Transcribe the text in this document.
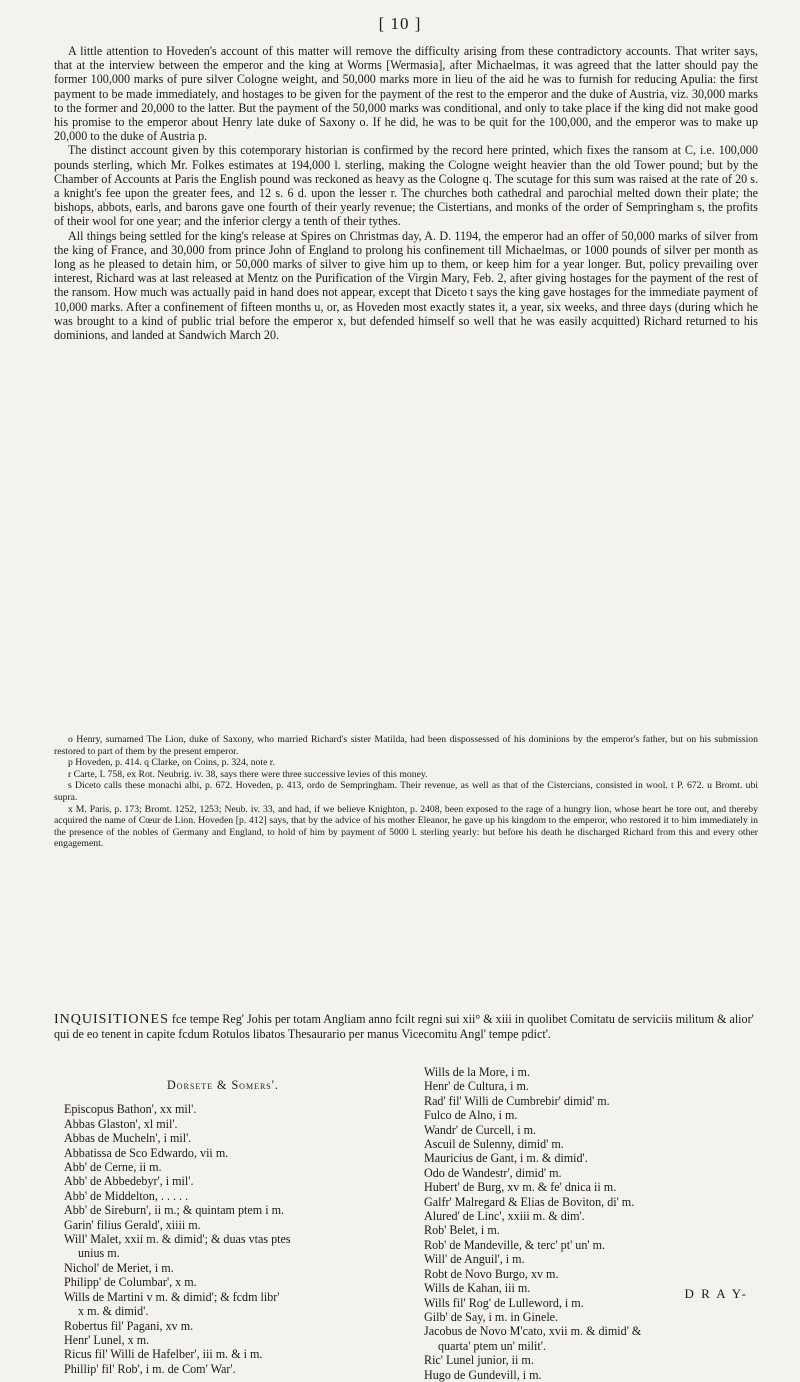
[ 10 ]

A little attention to Hoveden's account of this matter will remove the difficulty arising from these contradictory accounts. That writer says, that at the interview between the emperor and the king at Worms [Wermasia], after Michaelmas, it was agreed that the latter should pay the former 100,000 marks of pure silver Cologne weight, and 50,000 marks more in lieu of the aid he was to furnish for reducing Apulia: the first payment to be made immediately, and hostages to be given for the payment of the rest to the emperor and the duke of Austria, viz. 30,000 marks to the former and 20,000 to the latter. But the payment of the 50,000 marks was conditional, and only to take place if the king did not make good his promise to the emperor about Henry late duke of Saxony o. If he did, he was to be quit for the 100,000, and the emperor was to make up 20,000 to the duke of Austria p.

The distinct account given by this cotemporary historian is confirmed by the record here printed, which fixes the ransom at C, i.e. 100,000 pounds sterling, which Mr. Folkes estimates at 194,000 l. sterling, making the Cologne weight heavier than the old Tower pound; but by the Chamber of Accounts at Paris the English pound was reckoned as heavy as the Cologne q. The scutage for this sum was raised at the rate of 20 s. a knight's fee upon the greater fees, and 12 s. 6 d. upon the lesser r. The churches both cathedral and parochial melted down their plate; the bishops, abbots, earls, and barons gave one fourth of their yearly revenue; the Cistertians, and monks of the order of Sempringham s, the profits of their wool for one year; and the inferior clergy a tenth of their tythes.

All things being settled for the king's release at Spires on Christmas day, A. D. 1194, the emperor had an offer of 50,000 marks of silver from the king of France, and 30,000 from prince John of England to prolong his confinement till Michaelmas, or 1000 pounds of silver per month as long as he pleased to detain him, or 50,000 marks of silver to give him up to them, or keep him for a year longer. But, policy prevailing over interest, Richard was at last released at Mentz on the Purification of the Virgin Mary, Feb. 2, after giving hostages for the payment of the rest of the ransom. How much was actually paid in hand does not appear, except that Diceto t says the king gave hostages for the immediate payment of 10,000 marks. After a confinement of fifteen months u, or, as Hoveden most exactly states it, a year, six weeks, and three days (during which he was brought to a kind of public trial before the emperor x, but defended himself so well that he was easily acquitted) Richard returned to his dominions, and landed at Sandwich March 20.

o Henry, surnamed The Lion, duke of Saxony, who married Richard's sister Matilda, had been dispossessed of his dominions by the emperor's father, but on his submission restored to part of them by the present emperor.

p Hoveden, p. 414. q Clarke, on Coins, p. 324, note r.

r Carte, I. 758, ex Rot. Neubrig. iv. 38, says there were three successive levies of this money.

s Diceto calls these monachi albi, p. 672. Hoveden, p. 413, ordo de Sempringham. Their revenue, as well as that of the Cistercians, consisted in wool. t P. 672. u Bromt. ubi supra.

x M. Paris, p. 173; Bromt. 1252, 1253; Neub. iv. 33, and had, if we believe Knighton, p. 2408, been exposed to the rage of a hungry lion, whose heart he tore out, and thereby acquired the name of Cœur de Lion. Hoveden [p. 412] says, that by the advice of his mother Eleanor, he gave up his kingdom to the emperor, who restored it to him immediately in the presence of the nobles of Germany and England, to hold of him by payment of 5000 l. sterling yearly: but before his death he discharged Richard from this and every other engagement.

INQUISITIONES fce tempe Reg' Johis per totam Angliam anno fcilt regni sui xii° & xiii in quolibet Comitatu de serviciis militum & alior' qui de eo tenent in capite fcdum Rotulos libatos Thesaurario per manus Vicecomitu Angl' tempe pdict'.
Dorsete & Somers'.
Episcopus Bathon', xx mil'.
Abbas Glaston', xl mil'.
Abbas de Mucheln', i mil'.
Abbatissa de Sco Edwardo, vii m.
Abb' de Cerne, ii m.
Abb' de Abbedebyr', i mil'.
Abb' de Middelton, . . . . .
Abb' de Sireburn', ii m.; & quintam ptem i m.
Garin' filius Gerald', xiiii m.
Will' Malet, xxii m. & dimid'; & duas vtas ptes
unius m.
Nichol' de Meriet, i m.
Philipp' de Columbar', x m.
Wills de Martini v m. & dimid'; & fcdm libr'
x m. & dimid'.
Robertus fil' Pagani, xv m.
Henr' Lunel, x m.
Ricus fil' Willi de Hafelber', iii m. & i m.
Phillip' fil' Rob', i m. de Com' War'.
Wills de la More, i m.
Henr' de Cultura, i m.
Rad' fil' Willi de Cumbrebir' dimid' m.
Fulco de Alno, i m.
Wandr' de Curcell, i m.
Ascuil de Sulenny, dimid' m.
Mauricius de Gant, i m. & dimid'.
Odo de Wandestr', dimid' m.
Hubert' de Burg, xv m. & fe' dnica ii m.
Galfr' Malregard & Elias de Boviton, di' m.
Alured' de Linc', xxiii m. & dim'.
Rob' Belet, i m.
Rob' de Mandeville, & terc' pt' un' m.
Will' de Anguil', i m.
Robt de Novo Burgo, xv m.
Wills de Kahan, iii m.
Wills fil' Rog' de Lulleword, i m.
Gilb' de Say, i m. in Ginele.
Jacobus de Novo M'cato, xvii m. & dimid' &
quarta' ptem un' milit'.
Ric' Lunel junior, ii m.
Hugo de Gundevill, i m.
D R A Y-
